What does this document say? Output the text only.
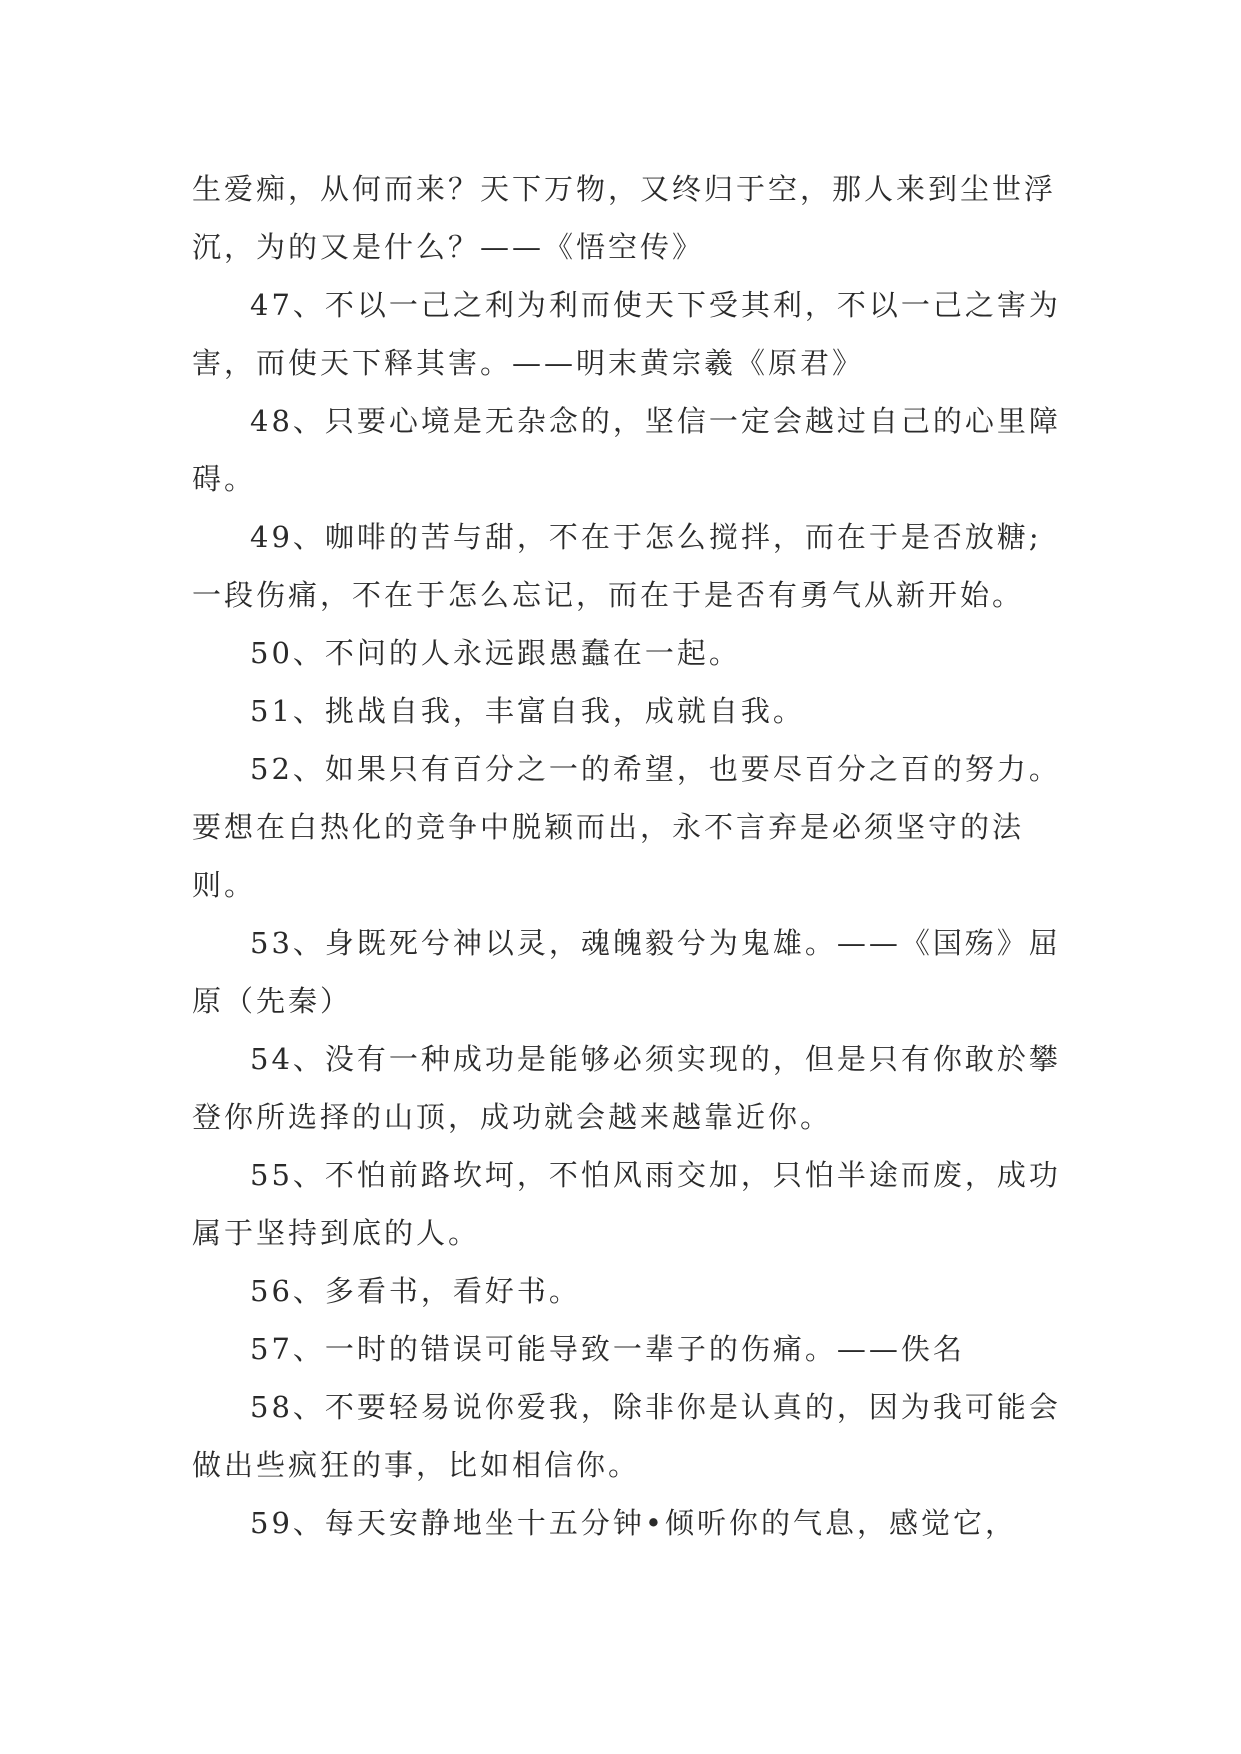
生爱痴，从何而来？天下万物，又终归于空，那人来到尘世浮沉，为的又是什么？——《悟空传》

47、不以一己之利为利而使天下受其利，不以一己之害为害，而使天下释其害。——明末黄宗羲《原君》

48、只要心境是无杂念的，坚信一定会越过自己的心里障碍。

49、咖啡的苦与甜，不在于怎么搅拌，而在于是否放糖;一段伤痛，不在于怎么忘记，而在于是否有勇气从新开始。

50、不问的人永远跟愚蠢在一起。

51、挑战自我，丰富自我，成就自我。

52、如果只有百分之一的希望，也要尽百分之百的努力。要想在白热化的竞争中脱颖而出，永不言弃是必须坚守的法则。

53、身既死兮神以灵，魂魄毅兮为鬼雄。——《国殇》屈原（先秦）

54、没有一种成功是能够必须实现的，但是只有你敢於攀登你所选择的山顶，成功就会越来越靠近你。

55、不怕前路坎坷，不怕风雨交加，只怕半途而废，成功属于坚持到底的人。

56、多看书，看好书。

57、一时的错误可能导致一辈子的伤痛。——佚名

58、不要轻易说你爱我，除非你是认真的，因为我可能会做出些疯狂的事，比如相信你。

59、每天安静地坐十五分钟•倾听你的气息，感觉它，
